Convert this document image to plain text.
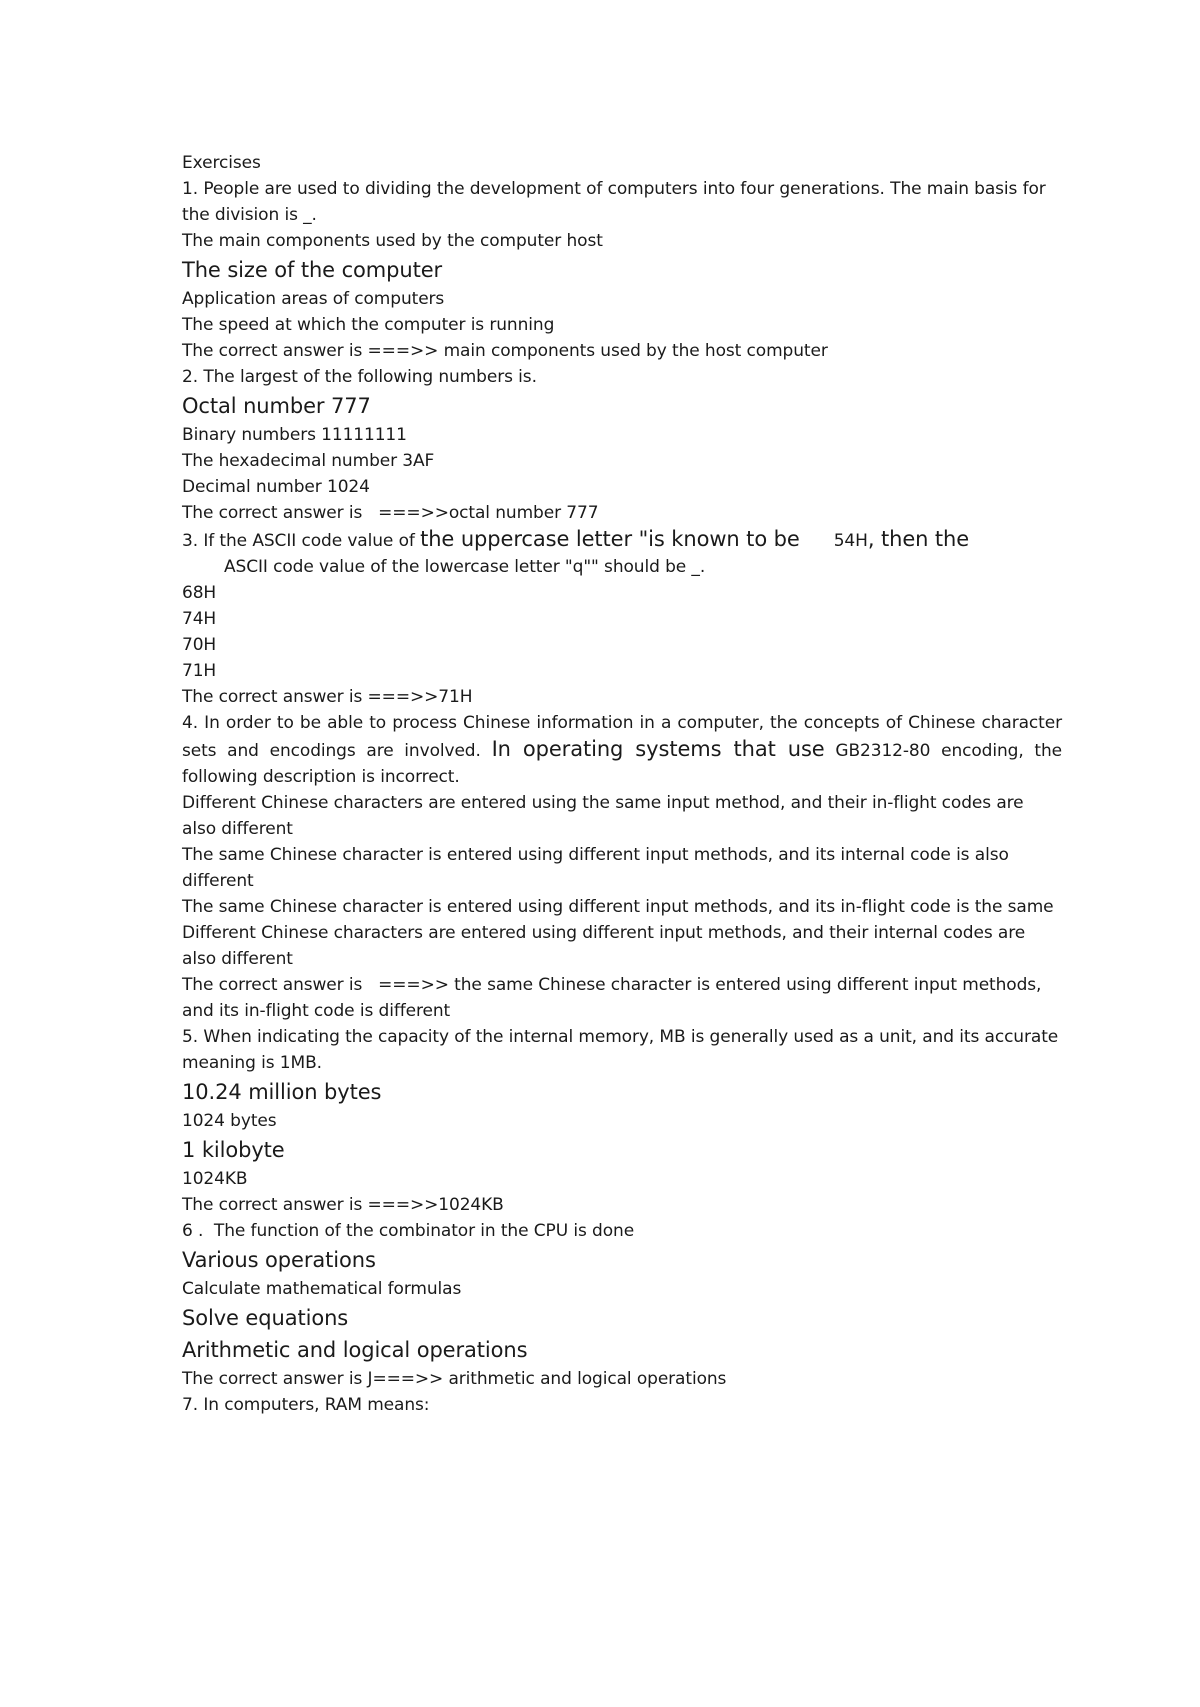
Exercises
1. People are used to dividing the development of computers into four generations. The main basis for the division is _.
The main components used by the computer host
The size of the computer
Application areas of computers
The speed at which the computer is running
The correct answer is ===>> main components used by the host computer
2. The largest of the following numbers is.
Octal number 777
Binary numbers 11111111
The hexadecimal number 3AF
Decimal number 1024
The correct answer is   ===>>octal number 777
3. If the ASCII code value of the uppercase letter "is known to be 54H, then the
ASCII code value of the lowercase letter "q"" should be _.
68H
74H
70H
71H
The correct answer is ===>>71H
4. In order to be able to process Chinese information in a computer, the concepts of Chinese character sets and encodings are involved. In operating systems that use GB2312-80 encoding, the following description is incorrect.
Different Chinese characters are entered using the same input method, and their in-flight codes are also different
The same Chinese character is entered using different input methods, and its internal code is also different
The same Chinese character is entered using different input methods, and its in-flight code is the same
Different Chinese characters are entered using different input methods, and their internal codes are also different
The correct answer is   ===>> the same Chinese character is entered using different input methods, and its in-flight code is different
5. When indicating the capacity of the internal memory, MB is generally used as a unit, and its accurate meaning is 1MB.
10.24 million bytes
1024 bytes
1 kilobyte
1024KB
The correct answer is ===>>1024KB
6 .  The function of the combinator in the CPU is done
Various operations
Calculate mathematical formulas
Solve equations
Arithmetic and logical operations
The correct answer is J===>> arithmetic and logical operations
7. In computers, RAM means:
